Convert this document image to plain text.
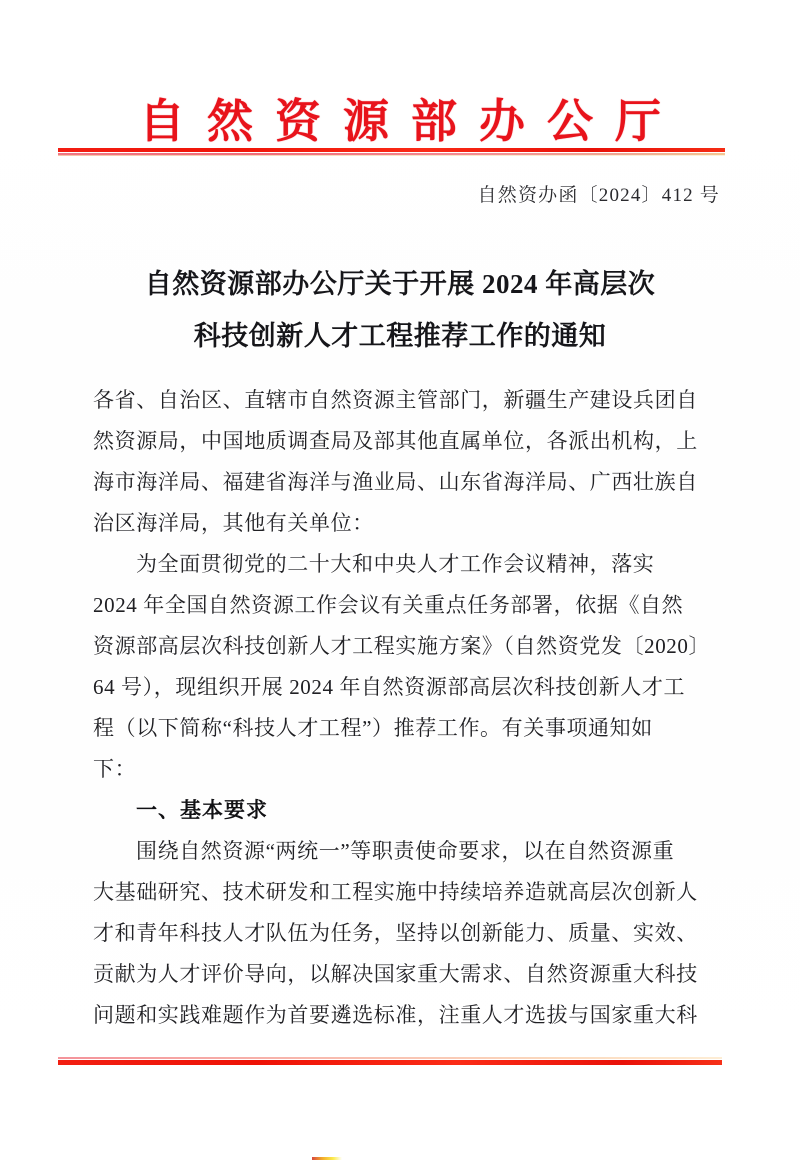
自然资源部办公厅
自然资办函〔2024〕412 号
自然资源部办公厅关于开展 2024 年高层次
科技创新人才工程推荐工作的通知
各省、自治区、直辖市自然资源主管部门，新疆生产建设兵团自
然资源局，中国地质调查局及部其他直属单位，各派出机构，上
海市海洋局、福建省海洋与渔业局、山东省海洋局、广西壮族自
治区海洋局，其他有关单位：
为全面贯彻党的二十大和中央人才工作会议精神，落实
2024 年全国自然资源工作会议有关重点任务部署，依据《自然
资源部高层次科技创新人才工程实施方案》（自然资党发〔2020〕
64 号），现组织开展 2024 年自然资源部高层次科技创新人才工
程（以下简称“科技人才工程”）推荐工作。有关事项通知如
下：
一、基本要求
围绕自然资源“两统一”等职责使命要求，以在自然资源重
大基础研究、技术研发和工程实施中持续培养造就高层次创新人
才和青年科技人才队伍为任务，坚持以创新能力、质量、实效、
贡献为人才评价导向，以解决国家重大需求、自然资源重大科技
问题和实践难题作为首要遴选标准，注重人才选拔与国家重大科
